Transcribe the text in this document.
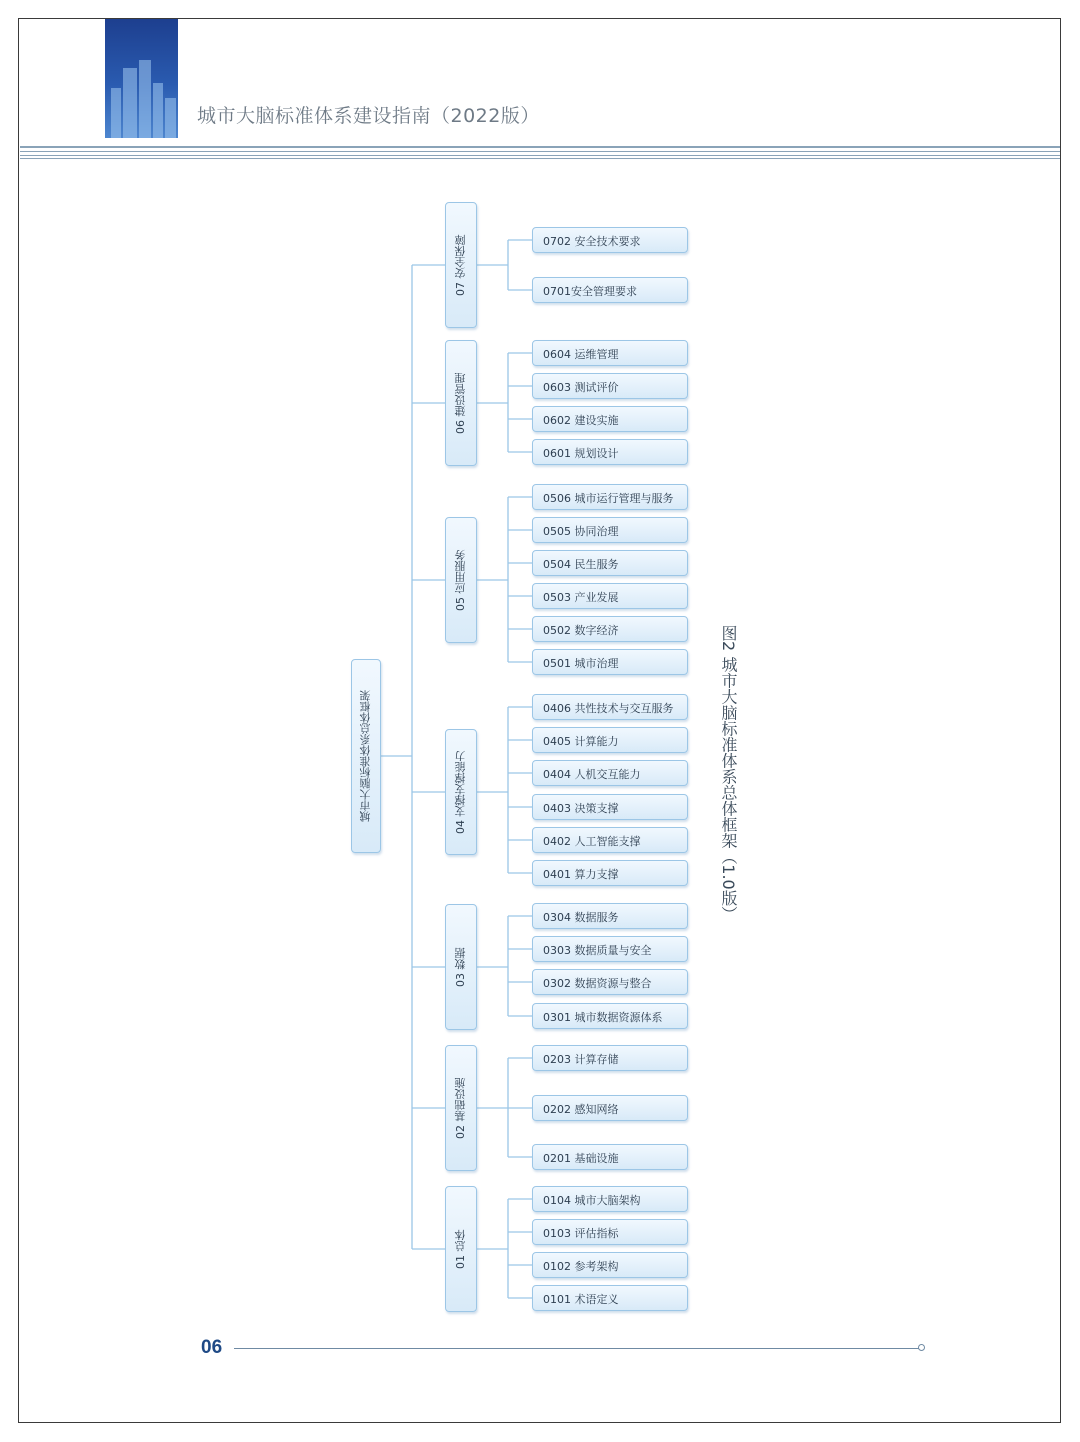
城市大脑标准体系建设指南（2022版）
城市大脑标准体系总体框架
07 安全保障	0702 安全技术要求
0701安全管理要求
06 建设管理
0604 运维管理
0603 测试评价
0602 建设实施
0601 规划设计
05 应用服务
0506 城市运行管理与服务
0505 协同治理
0504 民生服务
0503 产业发展
0502 数字经济
0501 城市治理
04 支撑支撑能力
0406 共性技术与交互服务
0405 计算能力
0404 人机交互能力
0403 决策支撑
0402 人工智能支撑
0401 算力支撑
03 数据
0304 数据服务
0303 数据质量与安全
0302 数据资源与整合
0301 城市数据资源体系
02 基础设施
0203 计算存储
0202 感知网络
0201 基础设施
01 总体
0104 城市大脑架构
0103 评估指标
0102 参考架构
0101 术语定义
图2 城市大脑标准体系总体框架（1.0版）
06
